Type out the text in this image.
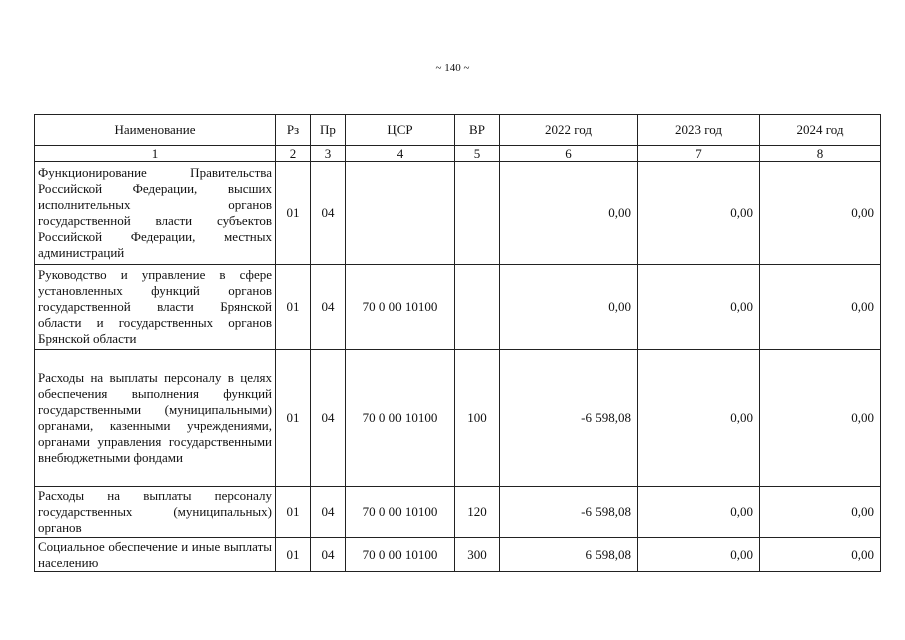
~ 140 ~
Наименование	Рз	Пр	ЦСР	ВР	2022 год	2023 год	2024 год
1	2	3	4	5	6	7	8
Функционирование Правительства Российской Федерации, высших исполнительных органов государственной власти субъектов Российской Федерации, местных администраций	01	04			0,00	0,00	0,00
Руководство и управление в сфере установленных функций органов государственной власти Брянской области и государственных органов Брянской области	01	04	70 0 00 10100		0,00	0,00	0,00
Расходы на выплаты персоналу в целях обеспечения выполнения функций государственными (муниципальными) органами, казенными учреждениями, органами управления государственными внебюджетными фондами	01	04	70 0 00 10100	100	-6 598,08	0,00	0,00
Расходы на выплаты персоналу государственных (муниципальных) органов	01	04	70 0 00 10100	120	-6 598,08	0,00	0,00
Социальное обеспечение и иные выплаты населению	01	04	70 0 00 10100	300	6 598,08	0,00	0,00
